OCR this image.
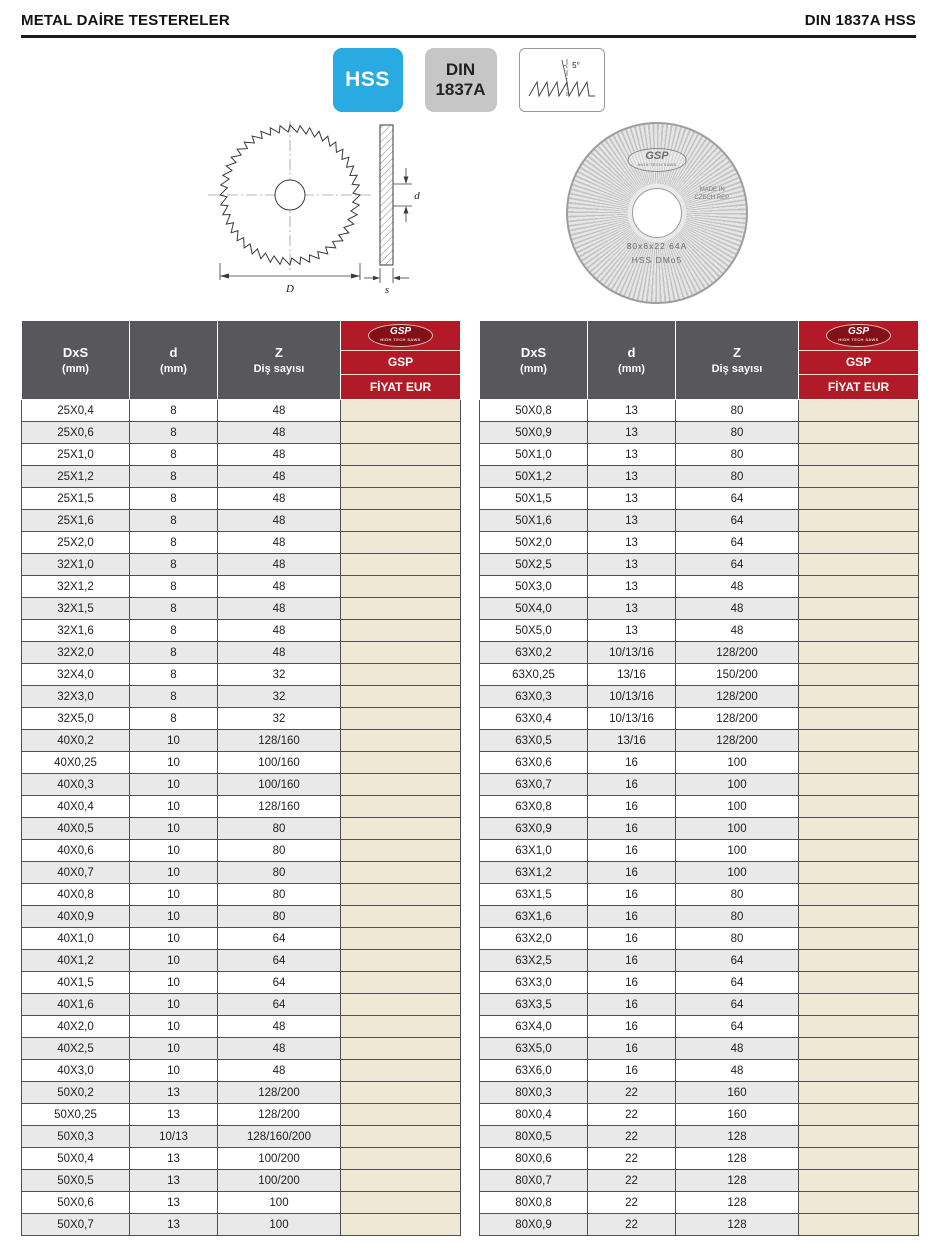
METAL DAİRE TESTERELER	DIN 1837A HSS
HSS	DIN
1837A
5°
D
d
s
GSP
HIGH TECH SAWS
MADE IN
CZECH REP.
80x6x22 64A
HSS DMo5
DxS
(mm)

d
(mm)

Z
Diş sayısı

GSP
HIGH TECH SAWS
GSP
FİYAT EUR

25X0,4	8	48	
25X0,6	8	48	
25X1,0	8	48	
25X1,2	8	48	
25X1,5	8	48	
25X1,6	8	48	
25X2,0	8	48	
32X1,0	8	48	
32X1,2	8	48	
32X1,5	8	48	
32X1,6	8	48	
32X2,0	8	48	
32X4,0	8	32	
32X3,0	8	32	
32X5,0	8	32	
40X0,2	10	128/160	
40X0,25	10	100/160	
40X0,3	10	100/160	
40X0,4	10	128/160	
40X0,5	10	80	
40X0,6	10	80	
40X0,7	10	80	
40X0,8	10	80	
40X0,9	10	80	
40X1,0	10	64	
40X1,2	10	64	
40X1,5	10	64	
40X1,6	10	64	
40X2,0	10	48	
40X2,5	10	48	
40X3,0	10	48	
50X0,2	13	128/200	
50X0,25	13	128/200	
50X0,3	10/13	128/160/200	
50X0,4	13	100/200	
50X0,5	13	100/200	
50X0,6	13	100	
50X0,7	13	100	
DxS
(mm)

d
(mm)

Z
Diş sayısı

GSP
HIGH TECH SAWS
GSP
FİYAT EUR

50X0,8	13	80	
50X0,9	13	80	
50X1,0	13	80	
50X1,2	13	80	
50X1,5	13	64	
50X1,6	13	64	
50X2,0	13	64	
50X2,5	13	64	
50X3,0	13	48	
50X4,0	13	48	
50X5,0	13	48	
63X0,2	10/13/16	128/200	
63X0,25	13/16	150/200	
63X0,3	10/13/16	128/200	
63X0,4	10/13/16	128/200	
63X0,5	13/16	128/200	
63X0,6	16	100	
63X0,7	16	100	
63X0,8	16	100	
63X0,9	16	100	
63X1,0	16	100	
63X1,2	16	100	
63X1,5	16	80	
63X1,6	16	80	
63X2,0	16	80	
63X2,5	16	64	
63X3,0	16	64	
63X3,5	16	64	
63X4,0	16	64	
63X5,0	16	48	
63X6,0	16	48	
80X0,3	22	160	
80X0,4	22	160	
80X0,5	22	128	
80X0,6	22	128	
80X0,7	22	128	
80X0,8	22	128	
80X0,9	22	128	
